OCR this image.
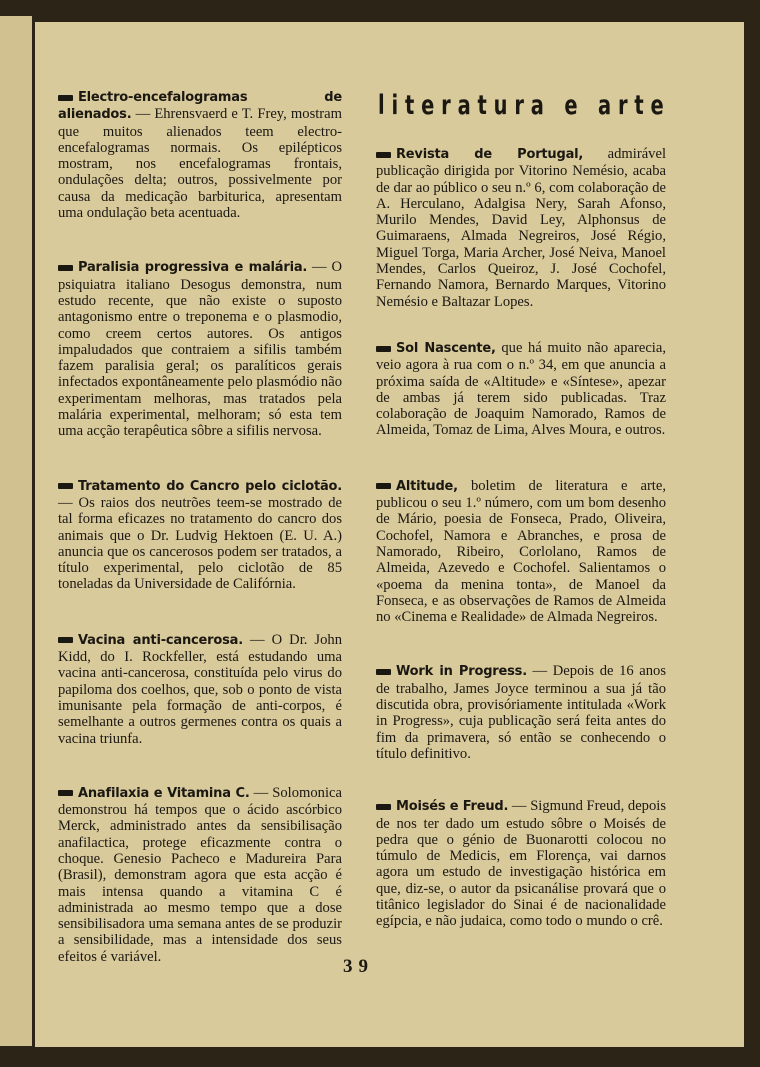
literatura e arte

Electro-encefalogramas de alienados. — Ehrensvaerd e T. Frey, mostram que muitos alienados teem electro-encefalogramas normais. Os epilépticos mostram, nos encefalogramas frontais, ondulações delta; outros, possivelmente por causa da medicação barbiturica, apresentam uma ondulação beta acentuada.

Paralisia progressiva e malária. — O psiquiatra italiano Desogus demonstra, num estudo recente, que não existe o suposto antagonismo entre o treponema e o plasmodio, como creem certos autores. Os antigos impaludados que contraiem a sifilis também fazem paralisia geral; os paralíticos gerais infectados expontâneamente pelo plasmódio não experimentam melhoras, mas tratados pela malária experimental, melhoram; só esta tem uma acção terapêutica sôbre a sifilis nervosa.

Tratamento do Cancro pelo ciclotão. — Os raios dos neutrões teem-se mostrado de tal forma eficazes no tratamento do cancro dos animais que o Dr. Ludvig Hektoen (E. U. A.) anuncia que os cancerosos podem ser tratados, a título experimental, pelo ciclotão de 85 toneladas da Universidade de Califórnia.

Vacina anti-cancerosa. — O Dr. John Kidd, do I. Rockfeller, está estudando uma vacina anti-cancerosa, constituída pelo virus do papiloma dos coelhos, que, sob o ponto de vista imunisante pela formação de anti-corpos, é semelhante a outros germenes contra os quais a vacina triunfa.

Anafilaxia e Vitamina C. — Solomonica demonstrou há tempos que o ácido ascórbico Merck, administrado antes da sensibilisação anafilactica, protege eficazmente contra o choque. Genesio Pacheco e Madureira Para (Brasil), demonstram agora que esta acção é mais intensa quando a vitamina C é administrada ao mesmo tempo que a dose sensibilisadora uma semana antes de se produzir a sensibilidade, mas a intensidade dos seus efeitos é variável.

Revista de Portugal, admirável publicação dirigida por Vitorino Nemésio, acaba de dar ao público o seu n.º 6, com colaboração de A. Herculano, Adalgisa Nery, Sarah Afonso, Murilo Mendes, David Ley, Alphonsus de Guimaraens, Almada Negreiros, José Régio, Miguel Torga, Maria Archer, José Neiva, Manoel Mendes, Carlos Queiroz, J. José Cochofel, Fernando Namora, Bernardo Marques, Vitorino Nemésio e Baltazar Lopes.

Sol Nascente, que há muito não aparecia, veio agora à rua com o n.º 34, em que anuncia a próxima saída de «Altitude» e «Síntese», apezar de ambas já terem sido publicadas. Traz colaboração de Joaquim Namorado, Ramos de Almeida, Tomaz de Lima, Alves Moura, e outros.

Altitude, boletim de literatura e arte, publicou o seu 1.º número, com um bom desenho de Mário, poesia de Fonseca, Prado, Oliveira, Cochofel, Namora e Abranches, e prosa de Namorado, Ribeiro, Corlolano, Ramos de Almeida, Azevedo e Cochofel. Salientamos o «poema da menina tonta», de Manoel da Fonseca, e as observações de Ramos de Almeida no «Cinema e Realidade» de Almada Negreiros.

Work in Progress. — Depois de 16 anos de trabalho, James Joyce terminou a sua já tão discutida obra, provisóriamente intitulada «Work in Progress», cuja publicação será feita antes do fim da primavera, só então se conhecendo o título definitivo.

Moisés e Freud. — Sigmund Freud, depois de nos ter dado um estudo sôbre o Moisés de pedra que o génio de Buonarotti colocou no túmulo de Medicis, em Florença, vai darnos agora um estudo de investigação histórica em que, diz-se, o autor da psicanálise provará que o titânico legislador do Sinai é de nacionalidade egípcia, e não judaica, como todo o mundo o crê.

39
